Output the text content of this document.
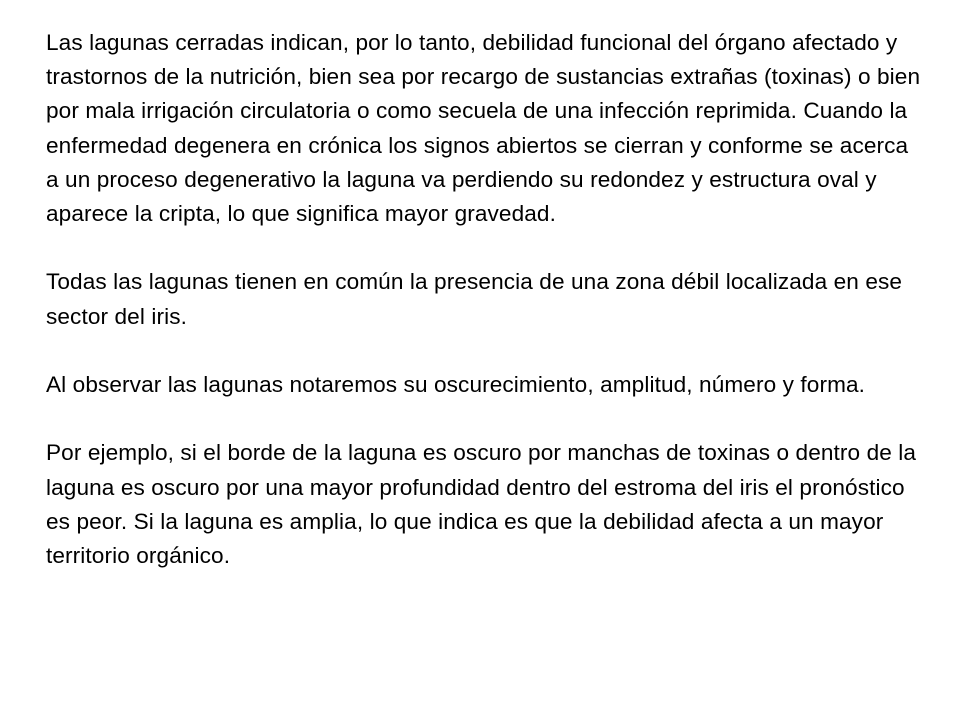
Las lagunas cerradas indican, por lo tanto, debilidad funcional del órgano afectado y trastornos de la nutrición, bien sea por recargo de sustancias extrañas (toxinas) o bien por mala irrigación circulatoria o como secuela de una infección reprimida. Cuando la enfermedad degenera en crónica los signos abiertos se cierran y conforme se acerca a un proceso degenerativo la laguna va perdiendo su redondez y estructura oval y aparece la cripta, lo que significa mayor gravedad.

Todas las lagunas tienen en común la presencia de una zona débil localizada en ese sector del iris.

Al observar las lagunas notaremos su oscurecimiento, amplitud, número y forma.

Por ejemplo, si el borde de la laguna es oscuro por manchas de toxinas o dentro de la laguna es oscuro por una mayor profundidad dentro del estroma del iris el pronóstico es peor. Si la laguna es amplia, lo que indica es que la debilidad afecta a un mayor territorio orgánico.
